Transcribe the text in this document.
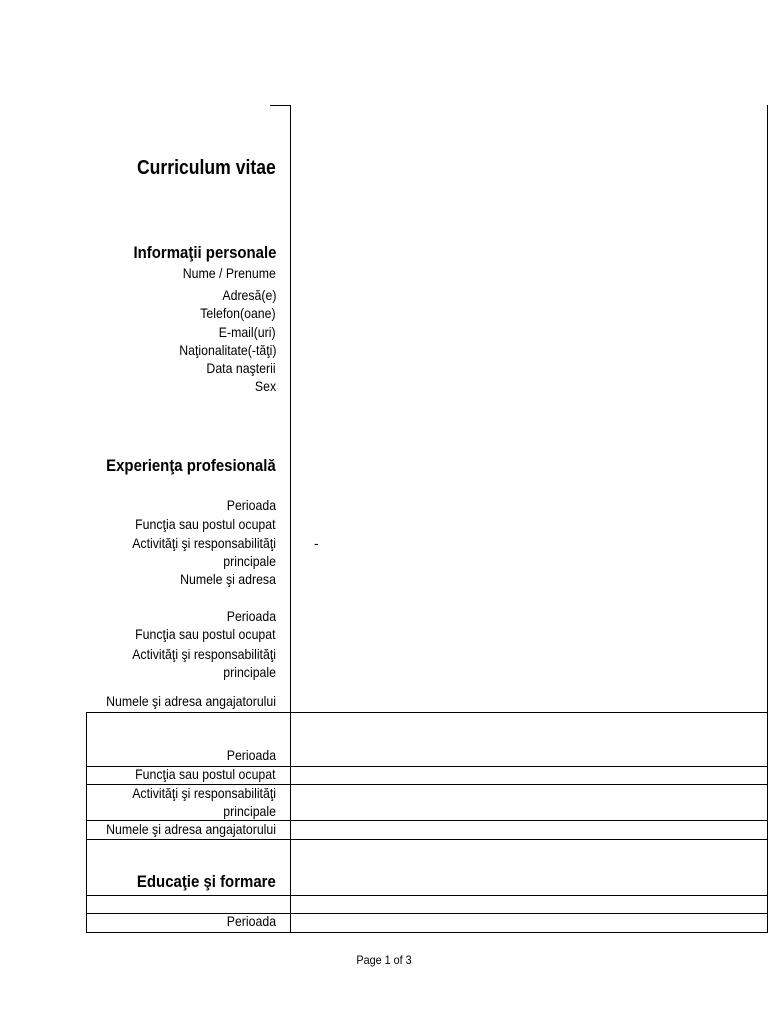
Curriculum vitae
Informaţii personale
Nume / Prenume
Adresă(e)
Telefon(oane)
E-mail(uri)
Naţionalitate(-tăţi)
Data naşterii
Sex
Experienţa profesională
Perioada
Funcţia sau postul ocupat
Activităţi şi responsabilităţi principale
-
Numele şi adresa
Perioada
Funcţia sau postul ocupat
Activităţi şi responsabilităţi principale
Numele şi adresa angajatorului
Perioada
Funcţia sau postul ocupat
Activităţi şi responsabilităţi principale
Numele şi adresa angajatorului
Educaţie şi formare
Perioada
Page 1 of 3
